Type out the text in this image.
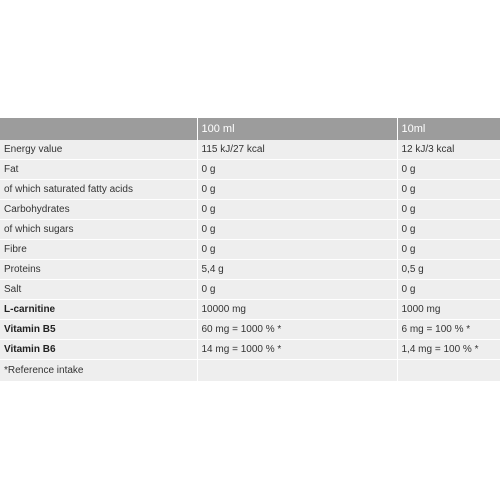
	100 ml	10ml
Energy value	115 kJ/27 kcal	12 kJ/3 kcal
Fat	0 g	0 g
of which saturated fatty acids	0 g	0 g
Carbohydrates	0 g	0 g
of which sugars	0 g	0 g
Fibre	0 g	0 g
Proteins	5,4 g	0,5 g
Salt	0 g	0 g
L-carnitine	10000 mg	1000 mg
Vitamin B5	60 mg = 1000 % *	6 mg = 100 % *
Vitamin B6	14 mg = 1000 % *	1,4 mg = 100 % *
*Reference intake		
